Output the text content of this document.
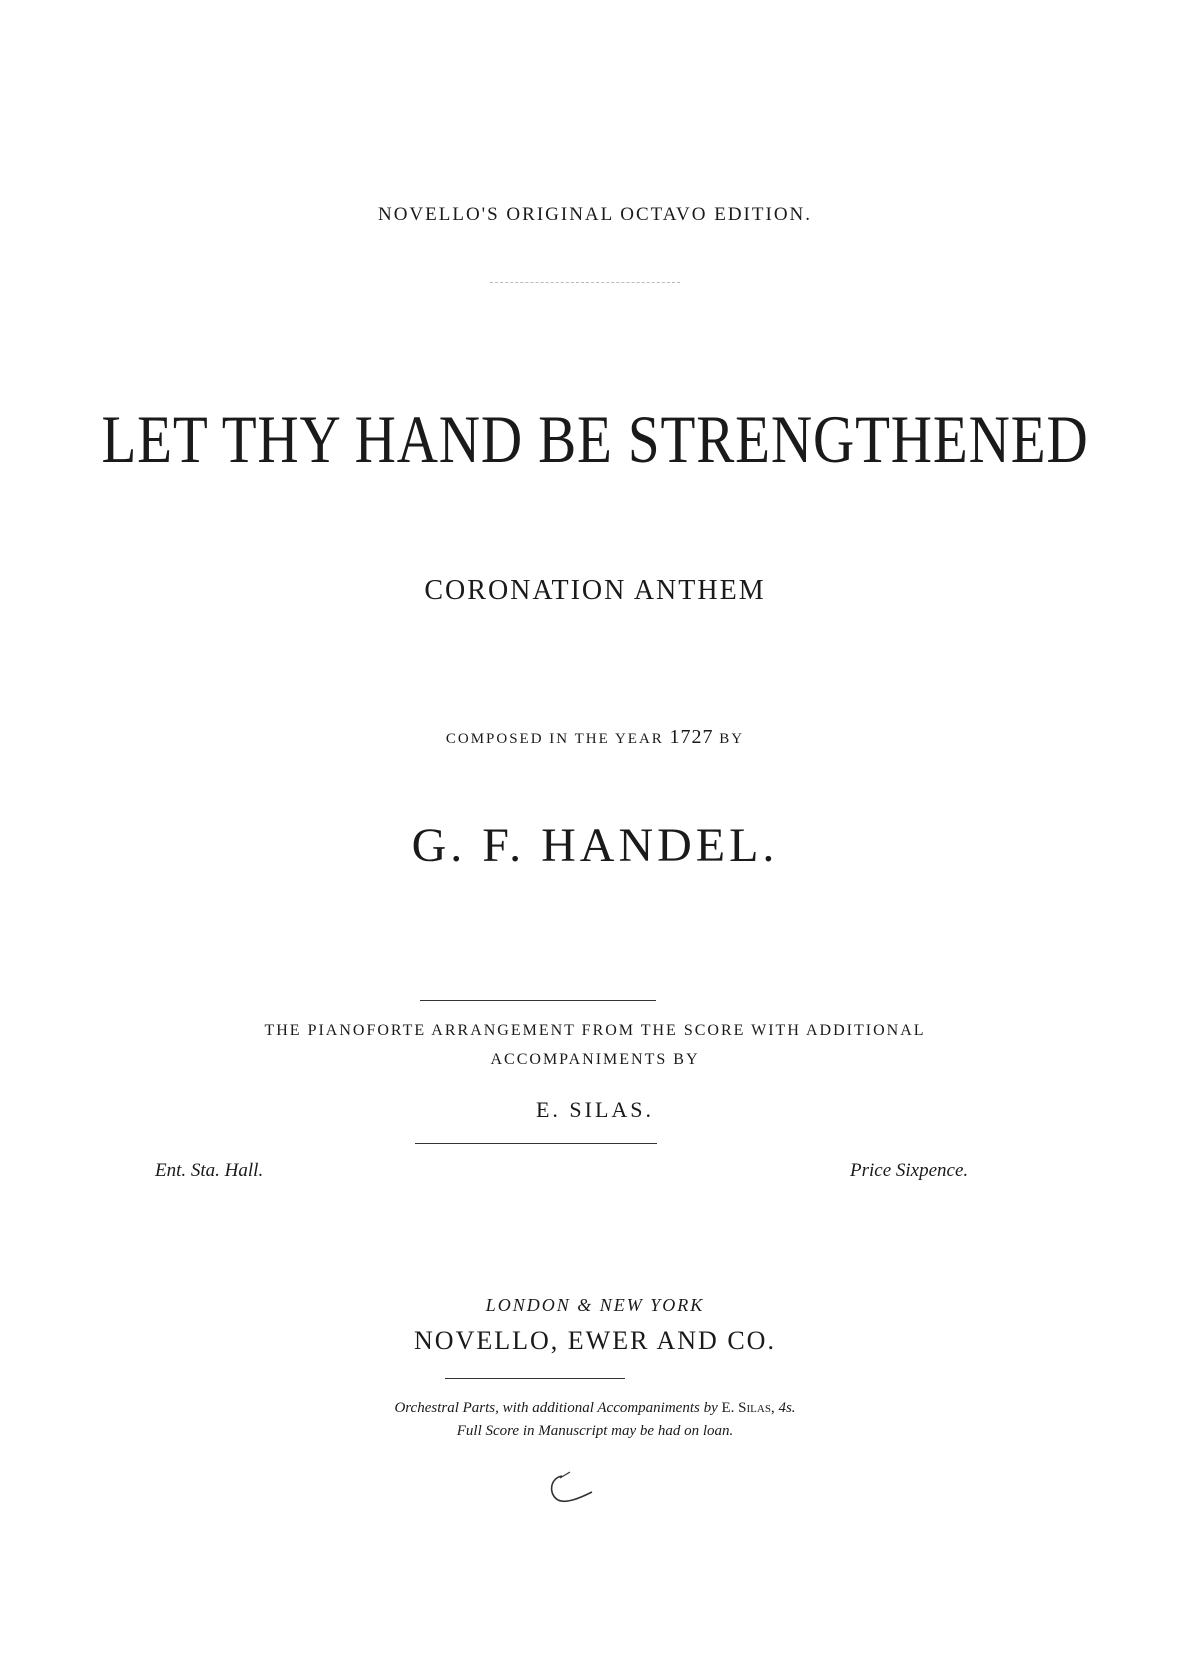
NOVELLO'S ORIGINAL OCTAVO EDITION.
LET THY HAND BE STRENGTHENED
CORONATION ANTHEM
COMPOSED IN THE YEAR 1727 BY
G. F. HANDEL.
THE PIANOFORTE ARRANGEMENT FROM THE SCORE WITH ADDITIONAL
ACCOMPANIMENTS BY
E. SILAS.
Ent. Sta. Hall.	Price Sixpence.
LONDON & NEW YORK
NOVELLO, EWER AND CO.
Orchestral Parts, with additional Accompaniments by E. Silas, 4s.
Full Score in Manuscript may be had on loan.
